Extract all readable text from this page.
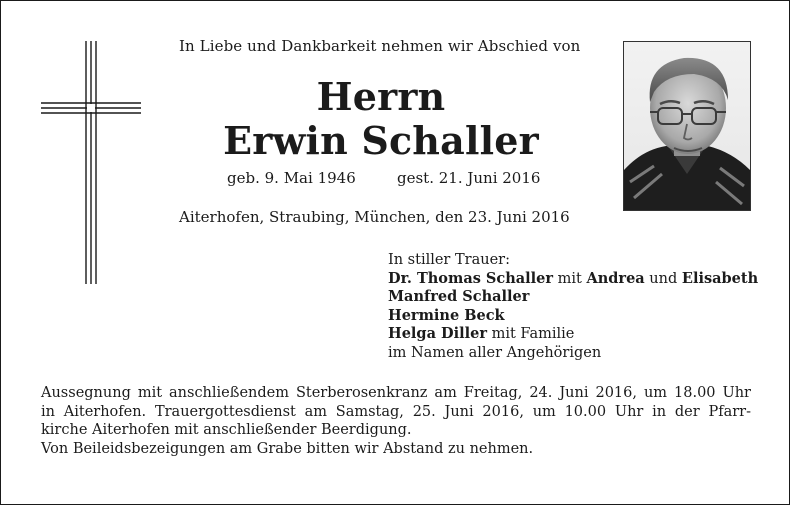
In Liebe und Dankbarkeit nehmen wir Abschied von
Herrn
Erwin Schaller
geb. 9. Mai 1946	gest. 21. Juni 2016
Aiterhofen, Straubing, München, den 23. Juni 2016
In stiller Trauer:
Dr. Thomas Schaller mit Andrea und Elisabeth
Manfred Schaller
Hermine Beck
Helga Diller mit Familie
im Namen aller Angehörigen
Aussegnung mit anschließendem Sterberosenkranz am Freitag, 24. Juni 2016, um 18.00 Uhr
in Aiterhofen. Trauergottesdienst am Samstag, 25. Juni 2016, um 10.00 Uhr in der Pfarr-
kirche Aiterhofen mit anschließender Beerdigung.
Von Beileidsbezeigungen am Grabe bitten wir Abstand zu nehmen.
